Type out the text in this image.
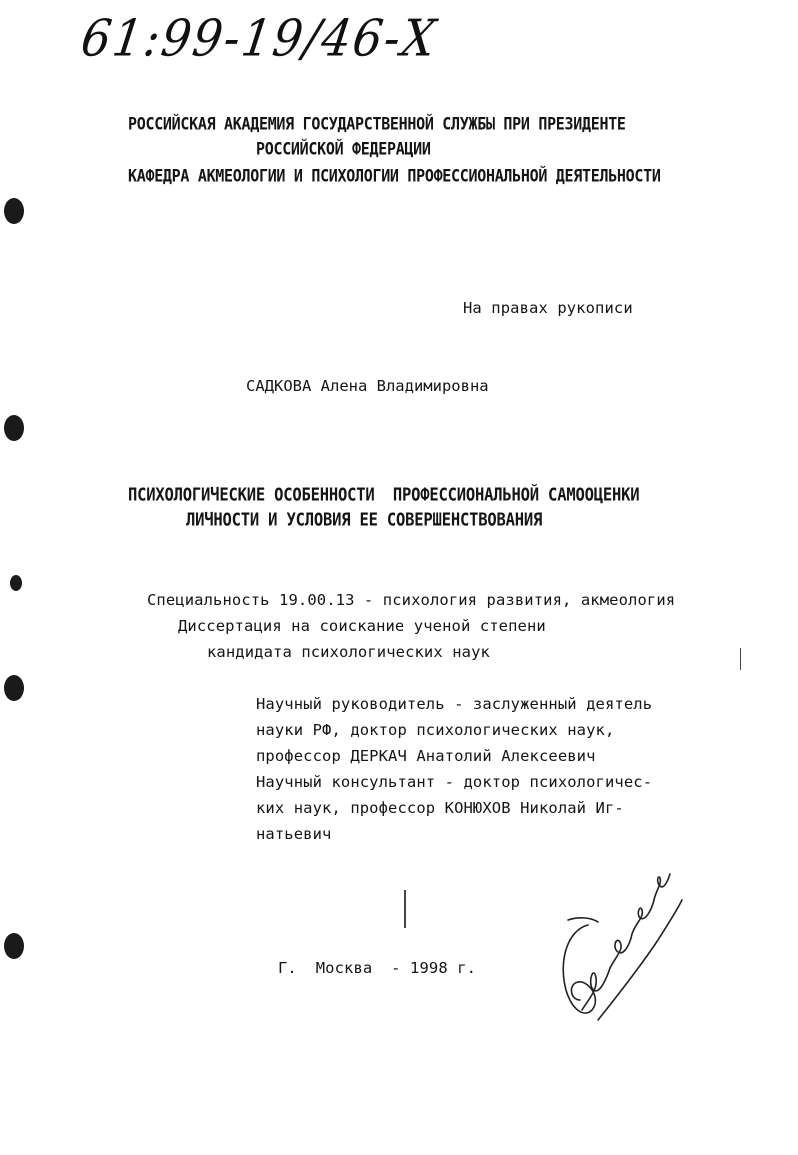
61:99-19/46-Х
РОССИЙСКАЯ АКАДЕМИЯ ГОСУДАРСТВЕННОЙ СЛУЖБЫ ПРИ ПРЕЗИДЕНТЕ
РОССИЙСКОЙ ФЕДЕРАЦИИ
КАФЕДРА АКМЕОЛОГИИ И ПСИХОЛОГИИ ПРОФЕССИОНАЛЬНОЙ ДЕЯТЕЛЬНОСТИ
На правах рукописи
САДКОВА Алена Владимировна
ПСИХОЛОГИЧЕСКИЕ ОСОБЕННОСТИ  ПРОФЕССИОНАЛЬНОЙ САМООЦЕНКИ
ЛИЧНОСТИ И УСЛОВИЯ ЕЕ СОВЕРШЕНСТВОВАНИЯ
Специальность 19.00.13 - психология развития, акмеология
Диссертация на соискание ученой степени
кандидата психологических наук
Научный руководитель - заслуженный деятель
науки РФ, доктор психологических наук,
профессор ДЕРКАЧ Анатолий Алексеевич
Научный консультант - доктор психологичес-
ких наук, профессор КОНЮХОВ Николай Иг-
натьевич
Г.  Москва  - 1998 г.
